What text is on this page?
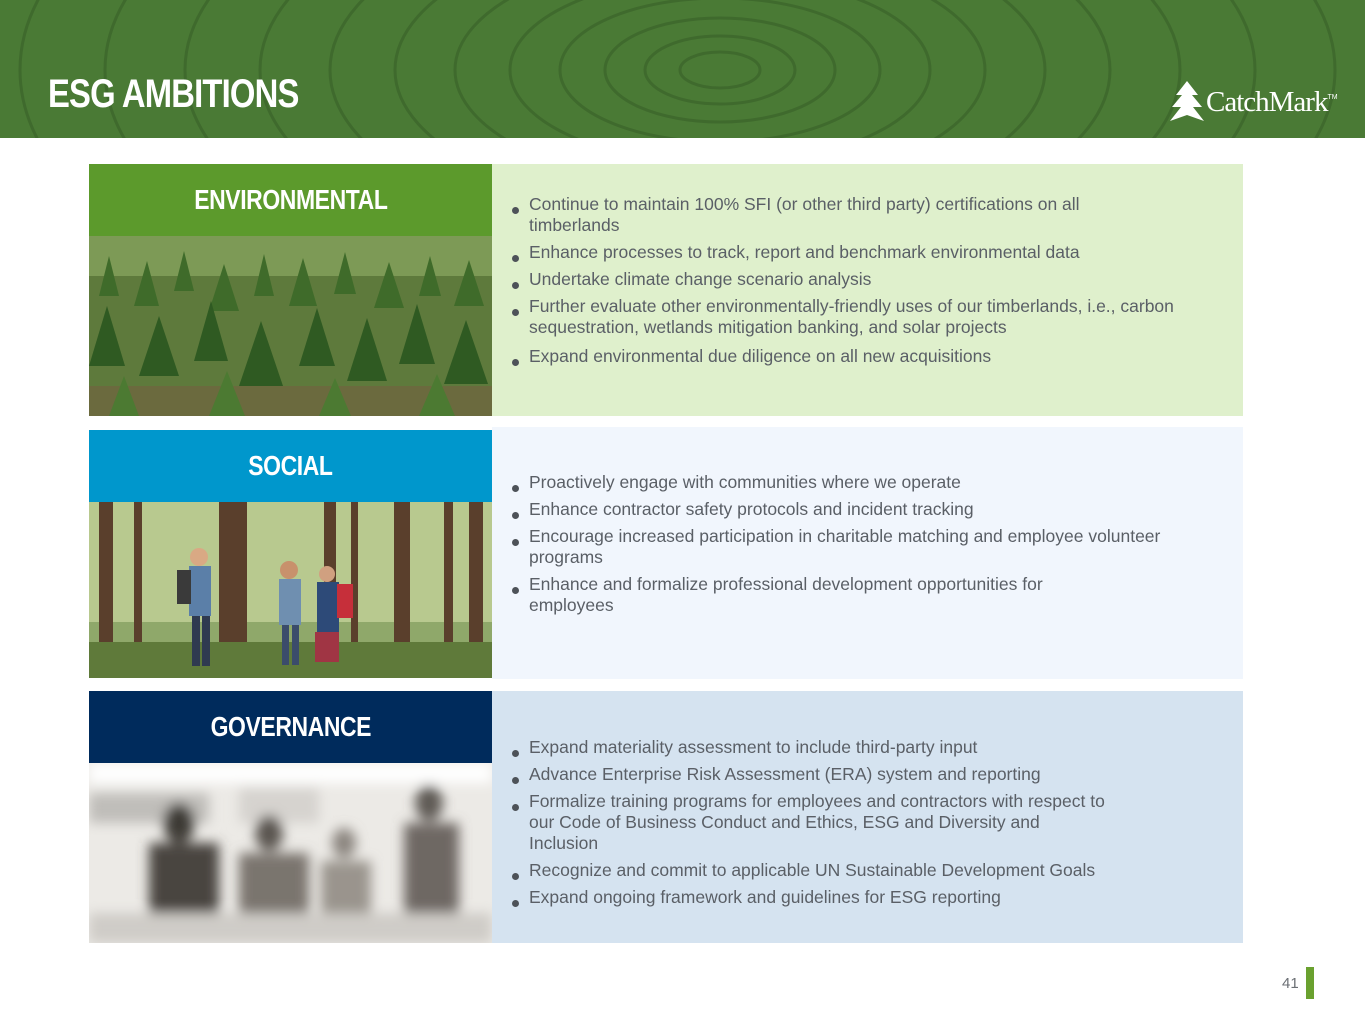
ESG AMBITIONS	CatchMark TM
ENVIRONMENTAL	Continue to maintain 100% SFI (or other third party) certifications on all timberlands
Enhance processes to track, report and benchmark environmental data
Undertake climate change scenario analysis
Further evaluate other environmentally-friendly uses of our timberlands, i.e., carbon sequestration, wetlands mitigation banking, and solar projects
Expand environmental due diligence on all new acquisitions
SOCIAL
Proactively engage with communities where we operate
Enhance contractor safety protocols and incident tracking
Encourage increased participation in charitable matching and employee volunteer programs
Enhance and formalize professional development opportunities for employees
GOVERNANCE
Expand materiality assessment to include third-party input
Advance Enterprise Risk Assessment (ERA) system and reporting
Formalize training programs for employees and contractors with respect to our Code of Business Conduct and Ethics, ESG and Diversity and Inclusion
Recognize and commit to applicable UN Sustainable Development Goals
Expand ongoing framework and guidelines for ESG reporting
41
